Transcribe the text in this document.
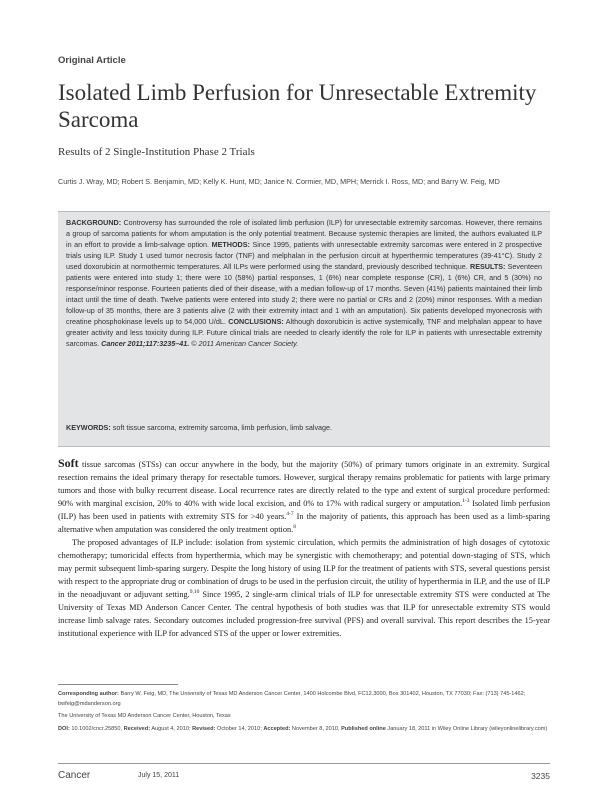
Original Article
Isolated Limb Perfusion for Unresectable Extremity Sarcoma
Results of 2 Single-Institution Phase 2 Trials
Curtis J. Wray, MD; Robert S. Benjamin, MD; Kelly K. Hunt, MD; Janice N. Cormier, MD, MPH; Merrick I. Ross, MD; and Barry W. Feig, MD

BACKGROUND: Controversy has surrounded the role of isolated limb perfusion (ILP) for unresectable extremity sarcomas. However, there remains a group of sarcoma patients for whom amputation is the only potential treatment. Because systemic therapies are limited, the authors evaluated ILP in an effort to provide a limb-salvage option. METHODS: Since 1995, patients with unresectable extremity sarcomas were entered in 2 prospective trials using ILP. Study 1 used tumor necrosis factor (TNF) and melphalan in the perfusion circuit at hyperthermic temperatures (39-41°C). Study 2 used doxorubicin at normothermic temperatures. All ILPs were performed using the standard, previously described technique. RESULTS: Seventeen patients were entered into study 1; there were 10 (58%) partial responses, 1 (6%) near complete response (CR), 1 (6%) CR, and 5 (30%) no response/minor response. Fourteen patients died of their disease, with a median follow-up of 17 months. Seven (41%) patients maintained their limb intact until the time of death. Twelve patients were entered into study 2; there were no partial or CRs and 2 (20%) minor responses. With a median follow-up of 35 months, there are 3 patients alive (2 with their extremity intact and 1 with an amputation). Six patients developed myonecrosis with creatine phosphokinase levels up to 54,000 U/dL. CONCLUSIONS: Although doxorubicin is active systemically, TNF and melphalan appear to have greater activity and less toxicity during ILP. Future clinical trials are needed to clearly identify the role for ILP in patients with unresectable extremity sarcomas. Cancer 2011;117:3235–41. © 2011 American Cancer Society.

KEYWORDS: soft tissue sarcoma, extremity sarcoma, limb perfusion, limb salvage.

Soft tissue sarcomas (STSs) can occur anywhere in the body, but the majority (50%) of primary tumors originate in an extremity. Surgical resection remains the ideal primary therapy for resectable tumors. However, surgical therapy remains problematic for patients with large primary tumors and those with bulky recurrent disease. Local recurrence rates are directly related to the type and extent of surgical procedure performed: 90% with marginal excision, 20% to 40% with wide local excision, and 0% to 17% with radical surgery or amputation.$^{1-3}$ Isolated limb perfusion (ILP) has been used in patients with extremity STS for >40 years.$^{4-7}$ In the majority of patients, this approach has been used as a limb-sparing alternative when amputation was considered the only treatment option.$^8$

The proposed advantages of ILP include: isolation from systemic circulation, which permits the administration of high dosages of cytotoxic chemotherapy; tumoricidal effects from hyperthermia, which may be synergistic with chemotherapy; and potential down-staging of STS, which may permit subsequent limb-sparing surgery. Despite the long history of using ILP for the treatment of patients with STS, several questions persist with respect to the appropriate drug or combination of drugs to be used in the perfusion circuit, the utility of hyperthermia in ILP, and the use of ILP in the neoadjuvant or adjuvant setting.$^{9,10}$ Since 1995, 2 single-arm clinical trials of ILP for unresectable extremity STS were conducted at The University of Texas MD Anderson Cancer Center. The central hypothesis of both studies was that ILP for unresectable extremity STS would increase limb salvage rates. Secondary outcomes included progression-free survival (PFS) and overall survival. This report describes the 15-year institutional experience with ILP for advanced STS of the upper or lower extremities.

Corresponding author: Barry W. Feig, MD, The University of Texas MD Anderson Cancer Center, 1400 Holcombe Blvd, FC12.3000, Box 301402, Houston, TX 77030; Fax: (713) 745-1462; bwfeig@mdanderson.org

The University of Texas MD Anderson Cancer Center, Houston, Texas

DOI: 10.1002/cncr.25850, Received: August 4, 2010; Revised: October 14, 2010; Accepted: November 8, 2010, Published online January 18, 2011 in Wiley Online Library (wileyonlinelibrary.com)

Cancer	July 15, 2011	3235
